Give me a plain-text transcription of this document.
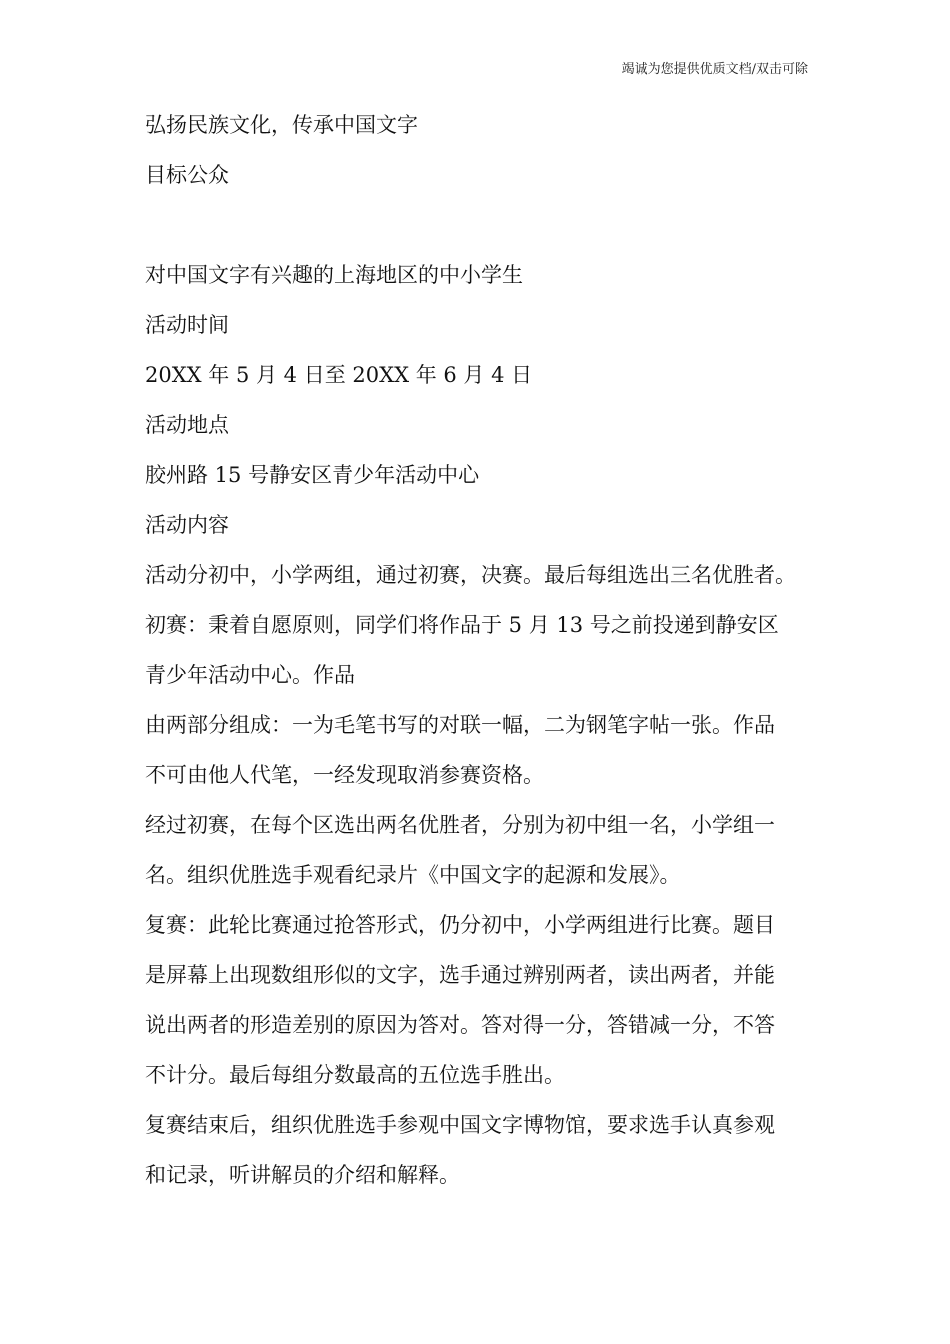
竭诚为您提供优质文档/双击可除
弘扬民族文化，传承中国文字
目标公众
对中国文字有兴趣的上海地区的中小学生
活动时间
20XX 年 5 月 4 日至 20XX 年 6 月 4 日
活动地点
胶州路 15 号静安区青少年活动中心
活动内容
活动分初中，小学两组，通过初赛，决赛。最后每组选出三名优胜者。
初赛：秉着自愿原则，同学们将作品于 5 月 13 号之前投递到静安区
青少年活动中心。作品
由两部分组成：一为毛笔书写的对联一幅，二为钢笔字帖一张。作品
不可由他人代笔，一经发现取消参赛资格。
经过初赛，在每个区选出两名优胜者，分别为初中组一名，小学组一
名。组织优胜选手观看纪录片《中国文字的起源和发展》。
复赛：此轮比赛通过抢答形式，仍分初中，小学两组进行比赛。题目
是屏幕上出现数组形似的文字，选手通过辨别两者，读出两者，并能
说出两者的形造差别的原因为答对。答对得一分，答错减一分，不答
不计分。最后每组分数最高的五位选手胜出。
复赛结束后，组织优胜选手参观中国文字博物馆，要求选手认真参观
和记录，听讲解员的介绍和解释。
